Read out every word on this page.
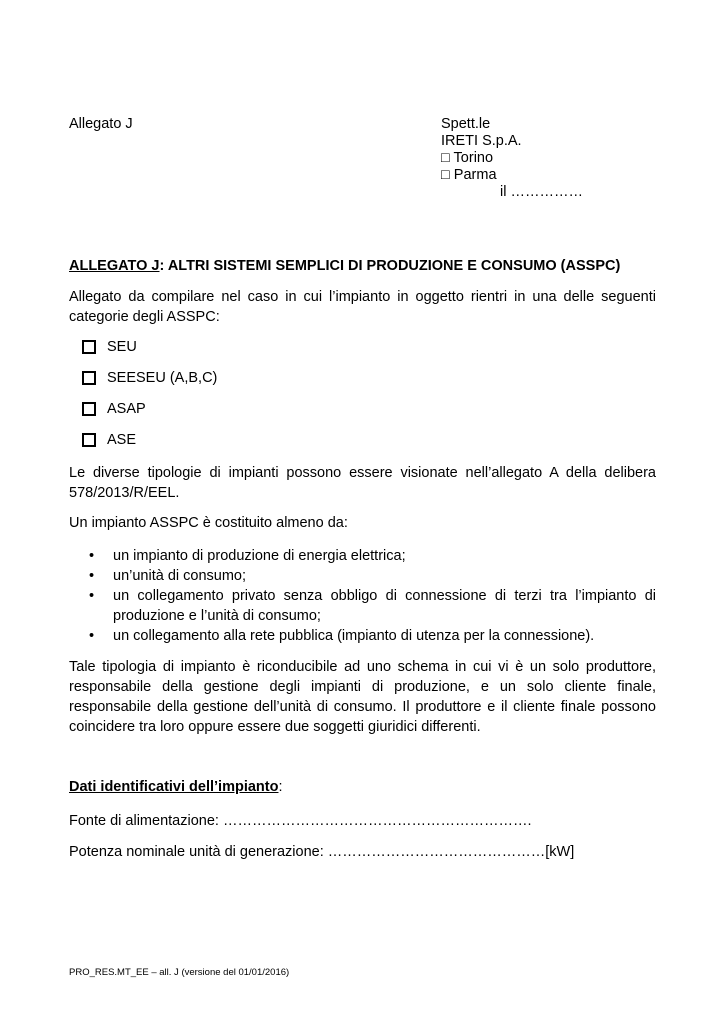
Allegato J	Spett.le
IRETI S.p.A.
□ Torino
□ Parma
il ……………
ALLEGATO J: ALTRI SISTEMI SEMPLICI DI PRODUZIONE E CONSUMO (ASSPC)
Allegato da compilare nel caso in cui l’impianto in oggetto rientri in una delle seguenti categorie degli ASSPC:
SEU
SEESEU (A,B,C)
ASAP
ASE
Le diverse tipologie di impianti possono essere visionate nell’allegato A della delibera 578/2013/R/EEL.
Un impianto ASSPC è costituito almeno da:
•	un impianto di produzione di energia elettrica;
•	un’unità di consumo;
•	un collegamento privato senza obbligo di connessione di terzi tra l’impianto di produzione e l’unità di consumo;
•	un collegamento alla rete pubblica (impianto di utenza per la connessione).
Tale tipologia di impianto è riconducibile ad uno schema in cui vi è un solo produttore, responsabile della gestione degli impianti di produzione, e un solo cliente finale, responsabile della gestione dell’unità di consumo. Il produttore e il cliente finale possono coincidere tra loro oppure essere due soggetti giuridici differenti.
Dati identificativi dell’impianto:
Fonte di alimentazione: ……………………………………………………….
Potenza nominale unità di generazione: ………………………………………[kW]
PRO_RES.MT_EE – all. J (versione del 01/01/2016)
